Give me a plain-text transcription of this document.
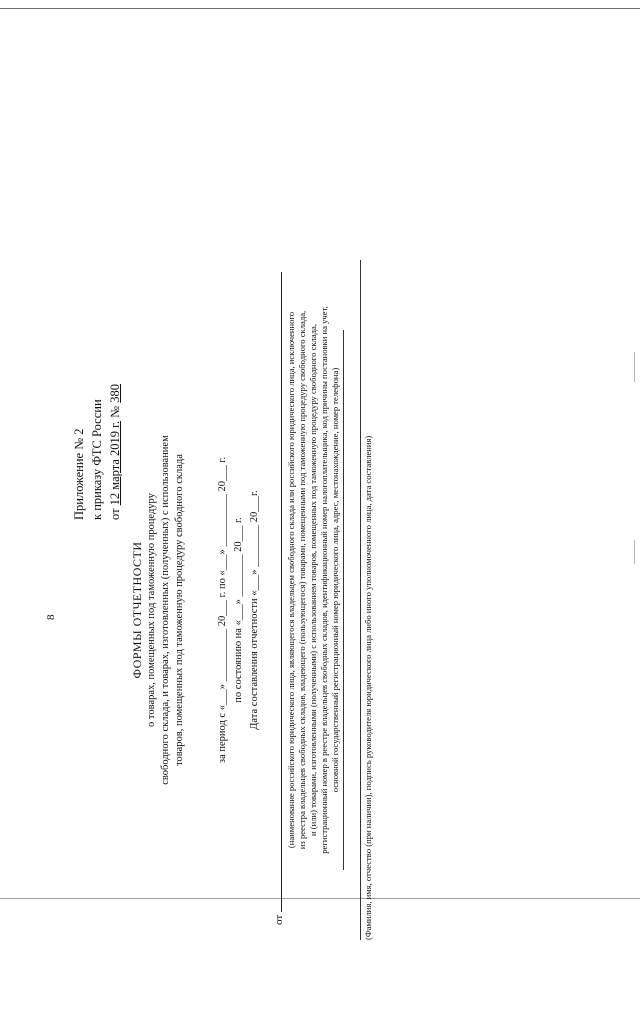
8
Приложение № 2 к приказу ФТС России от 12 марта 2019 г. № 380
ФОРМЫ ОТЧЕТНОСТИ о товарах, помещенных под таможенную процедуру свободного склада, и товарах, изготовленных (полученных) с использованием товаров, помещенных под таможенную процедуру свободного склада	за период с «___» __________ 20___ г. по «___» __________ 20___ г. по состоянию на «___» ________ 20___ г. Дата составления отчетности «___» ________ 20___г.
от
(наименование российского юридического лица, являющегося владельцем свободного склада или российского юридического лица, исключенного из реестра владельцев свободных складов, владеющего (пользующегося) товарами, помещенными под таможенную процедуру свободного склада, и (или) товарами, изготовленными (полученными) с использованием товаров, помещенных под таможенную процедуру свободного склада, регистрационный номер в реестре владельцев свободных складов, идентификационный номер налогоплательщика, код причины постановки на учет, основной государственный регистрационный номер юридического лица, адрес, местонахождение, номер телефона)	(Фамилия, имя, отчество (при наличии), подпись руководителя юридического лица либо иного уполномоченного лица, дата составления)
